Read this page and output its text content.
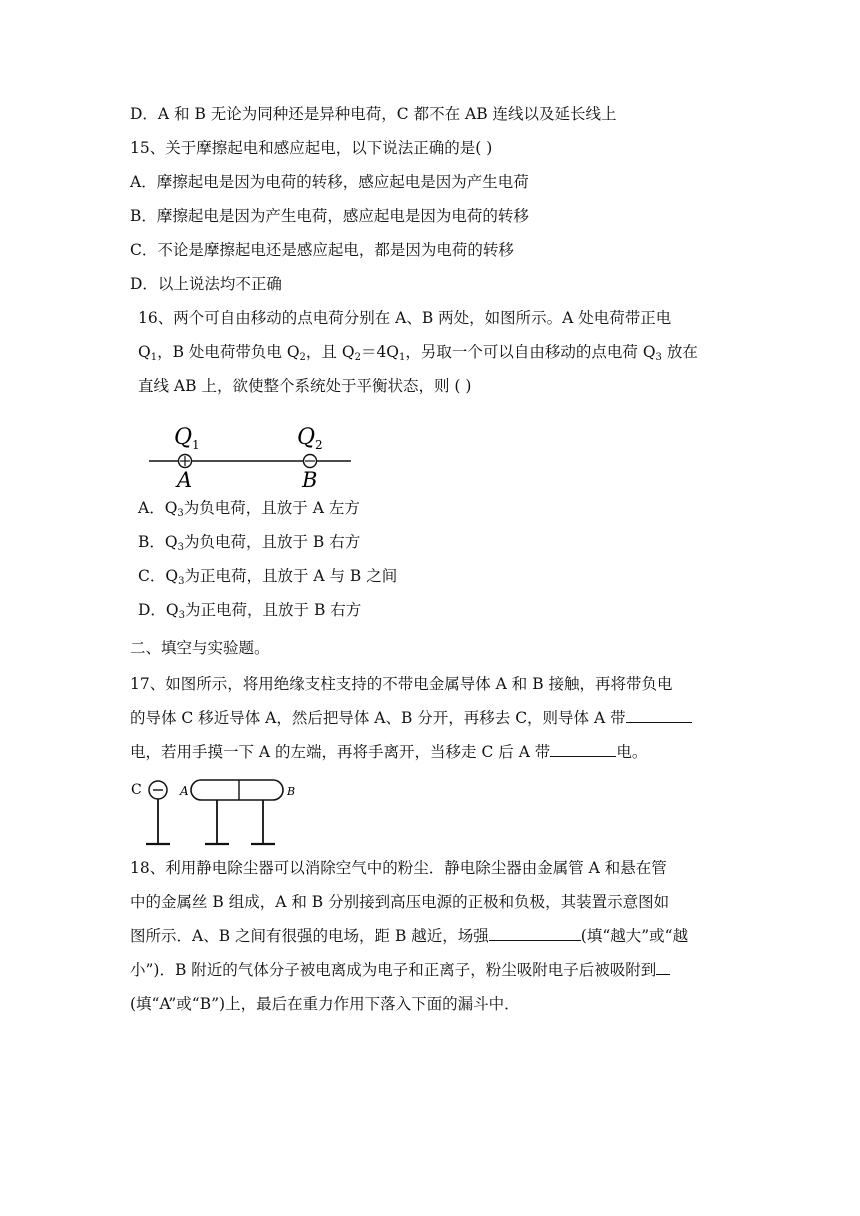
D．A 和 B 无论为同种还是异种电荷，C 都不在 AB 连线以及延长线上
15、关于摩擦起电和感应起电，以下说法正确的是( )
A．摩擦起电是因为电荷的转移，感应起电是因为产生电荷
B．摩擦起电是因为产生电荷，感应起电是因为电荷的转移
C．不论是摩擦起电还是感应起电，都是因为电荷的转移
D．以上说法均不正确
16、两个可自由移动的点电荷分别在 A、B 两处，如图所示。A 处电荷带正电
$Q_1$，B 处电荷带负电 $Q_2$，且 $Q_2=4Q_1$，另取一个可以自由移动的点电荷 $Q_3$ 放在
直线 AB 上，欲使整个系统处于平衡状态，则 ( )
$Q_1$	$Q_2$
A	B
A．$Q_3$为负电荷，且放于 A 左方
B．$Q_3$为负电荷，且放于 B 右方
C．$Q_3$为正电荷，且放于 A 与 B 之间
D．$Q_3$为正电荷，且放于 B 右方
二、填空与实验题。
17、如图所示，将用绝缘支柱支持的不带电金属导体 A 和 B 接触，再将带负电
的导体 C 移近导体 A，然后把导体 A、B 分开，再移去 C，则导体 A 带
电，若用手摸一下 A 的左端，再将手离开，当移走 C 后 A 带	电。
C	A	B
18、利用静电除尘器可以消除空气中的粉尘．静电除尘器由金属管 A 和悬在管
中的金属丝 B 组成，A 和 B 分别接到高压电源的正极和负极，其装置示意图如
图所示．A、B 之间有很强的电场，距 B 越近，场强	(填“越大”或“越
小”)．B 附近的气体分子被电离成为电子和正离子，粉尘吸附电子后被吸附到
(填“A”或“B”)上，最后在重力作用下落入下面的漏斗中．
